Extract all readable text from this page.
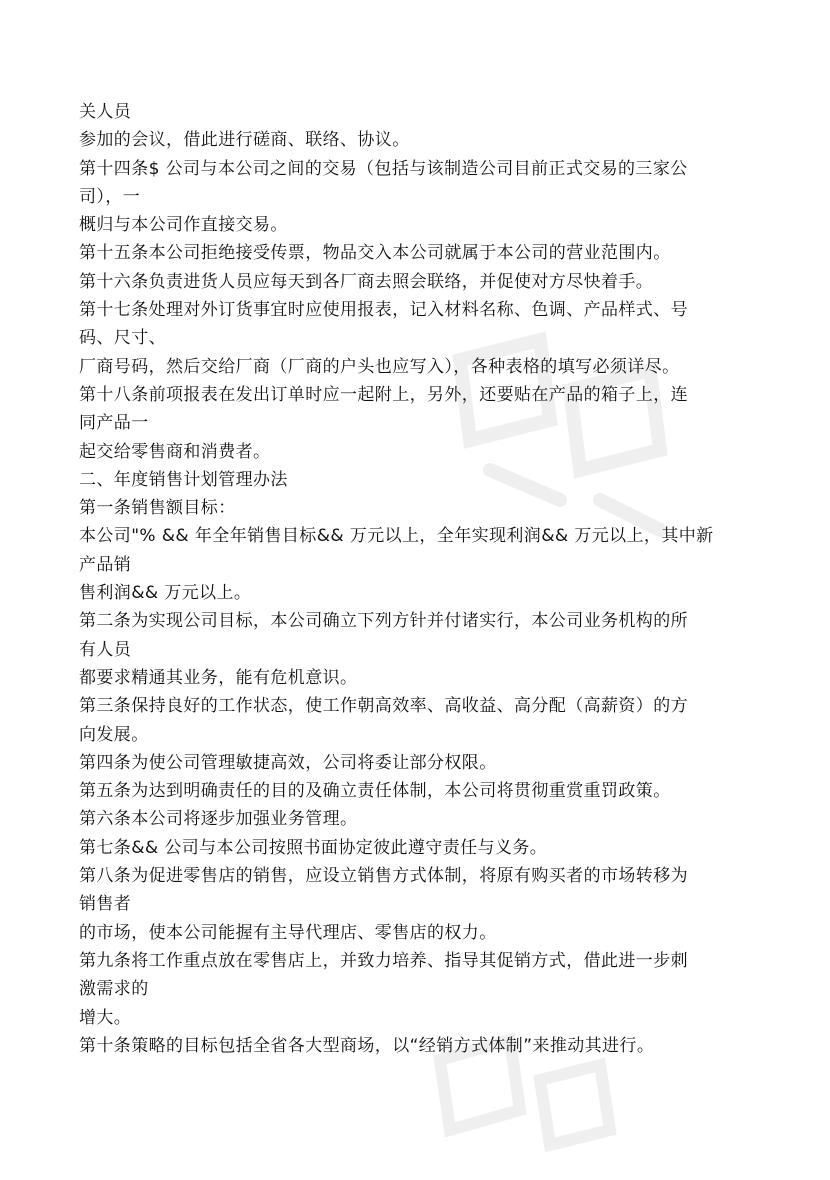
关人员
参加的会议，借此进行磋商、联络、协议。
第十四条$ 公司与本公司之间的交易（包括与该制造公司目前正式交易的三家公
司），一
概归与本公司作直接交易。
第十五条本公司拒绝接受传票，物品交入本公司就属于本公司的营业范围内。
第十六条负责进货人员应每天到各厂商去照会联络，并促使对方尽快着手。
第十七条处理对外订货事宜时应使用报表，记入材料名称、色调、产品样式、号
码、尺寸、
厂商号码，然后交给厂商（厂商的户头也应写入），各种表格的填写必须详尽。
第十八条前项报表在发出订单时应一起附上，另外，还要贴在产品的箱子上，连
同产品一
起交给零售商和消费者。
二、年度销售计划管理办法
第一条销售额目标：
本公司"% && 年全年销售目标&& 万元以上，全年实现利润&& 万元以上，其中新
产品销
售利润&& 万元以上。
第二条为实现公司目标，本公司确立下列方针并付诸实行，本公司业务机构的所
有人员
都要求精通其业务，能有危机意识。
第三条保持良好的工作状态，使工作朝高效率、高收益、高分配（高薪资）的方
向发展。
第四条为使公司管理敏捷高效，公司将委让部分权限。
第五条为达到明确责任的目的及确立责任体制，本公司将贯彻重赏重罚政策。
第六条本公司将逐步加强业务管理。
第七条&& 公司与本公司按照书面协定彼此遵守责任与义务。
第八条为促进零售店的销售，应设立销售方式体制，将原有购买者的市场转移为
销售者
的市场，使本公司能握有主导代理店、零售店的权力。
第九条将工作重点放在零售店上，并致力培养、指导其促销方式，借此进一步刺
激需求的
增大。
第十条策略的目标包括全省各大型商场，以“经销方式体制”来推动其进行。
